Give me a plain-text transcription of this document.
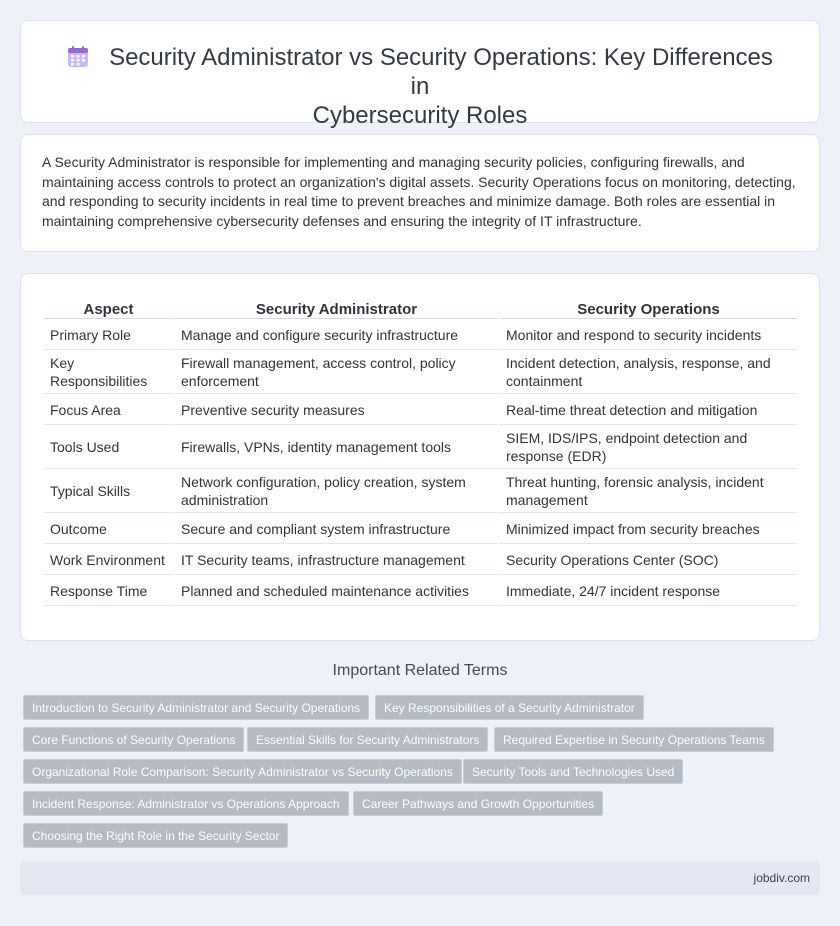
Security Administrator vs Security Operations: Key Differences in
Cybersecurity Roles

A Security Administrator is responsible for implementing and managing security policies, configuring firewalls, and maintaining access controls to protect an organization's digital assets. Security Operations focus on monitoring, detecting, and responding to security incidents in real time to prevent breaches and minimize damage. Both roles are essential in maintaining comprehensive cybersecurity defenses and ensuring the integrity of IT infrastructure.

Aspect	Security Administrator	Security Operations
Primary Role	Manage and configure security infrastructure	Monitor and respond to security incidents
Key Responsibilities	Firewall management, access control, policy enforcement	Incident detection, analysis, response, and containment
Focus Area	Preventive security measures	Real-time threat detection and mitigation
Tools Used	Firewalls, VPNs, identity management tools	SIEM, IDS/IPS, endpoint detection and response (EDR)
Typical Skills	Network configuration, policy creation, system administration	Threat hunting, forensic analysis, incident management
Outcome	Secure and compliant system infrastructure	Minimized impact from security breaches
Work Environment	IT Security teams, infrastructure management	Security Operations Center (SOC)
Response Time	Planned and scheduled maintenance activities	Immediate, 24/7 incident response
Important Related Terms
Introduction to Security Administrator and Security Operations	Key Responsibilities of a Security Administrator
Core Functions of Security Operations	Essential Skills for Security Administrators	Required Expertise in Security Operations Teams
Organizational Role Comparison: Security Administrator vs Security Operations	Security Tools and Technologies Used
Incident Response: Administrator vs Operations Approach	Career Pathways and Growth Opportunities
Choosing the Right Role in the Security Sector
jobdiv.com
